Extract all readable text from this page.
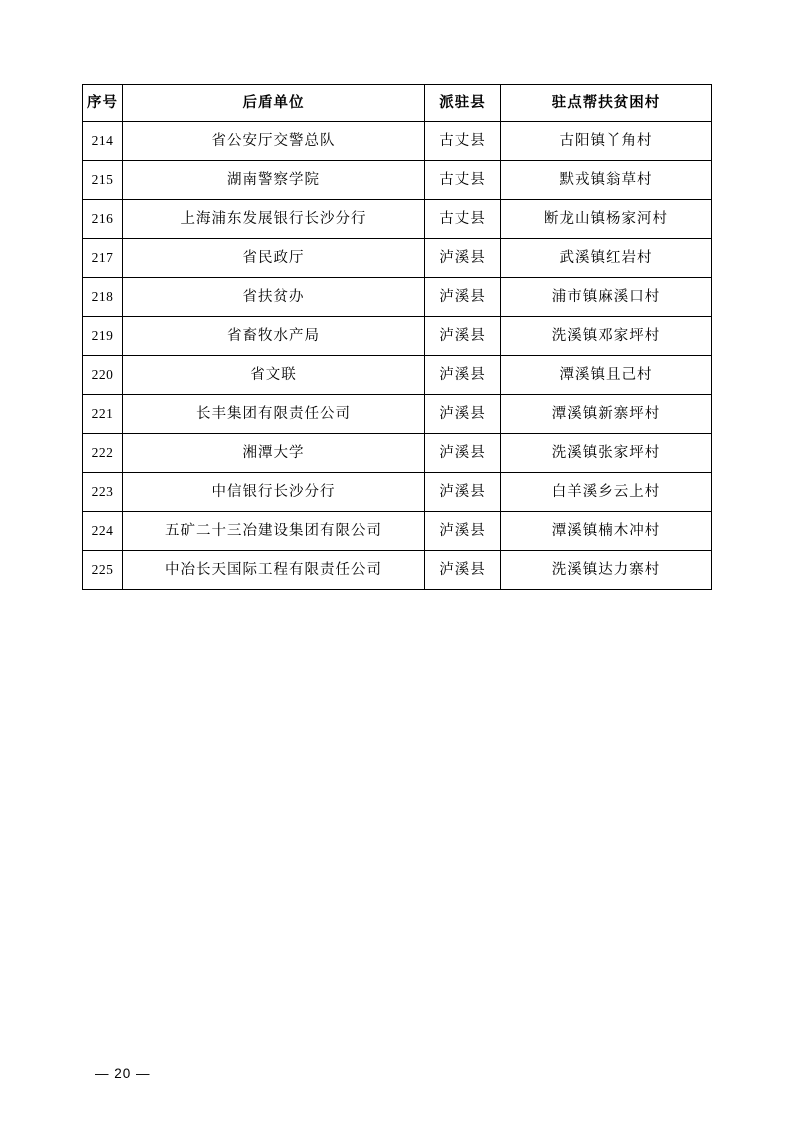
序号	后盾单位	派驻县	驻点帮扶贫困村
214	省公安厅交警总队	古丈县	古阳镇丫角村
215	湖南警察学院	古丈县	默戎镇翁草村
216	上海浦东发展银行长沙分行	古丈县	断龙山镇杨家河村
217	省民政厅	泸溪县	武溪镇红岩村
218	省扶贫办	泸溪县	浦市镇麻溪口村
219	省畜牧水产局	泸溪县	洗溪镇邓家坪村
220	省文联	泸溪县	潭溪镇且己村
221	长丰集团有限责任公司	泸溪县	潭溪镇新寨坪村
222	湘潭大学	泸溪县	洗溪镇张家坪村
223	中信银行长沙分行	泸溪县	白羊溪乡云上村
224	五矿二十三冶建设集团有限公司	泸溪县	潭溪镇楠木冲村
225	中冶长天国际工程有限责任公司	泸溪县	洗溪镇达力寨村
— 20 —
